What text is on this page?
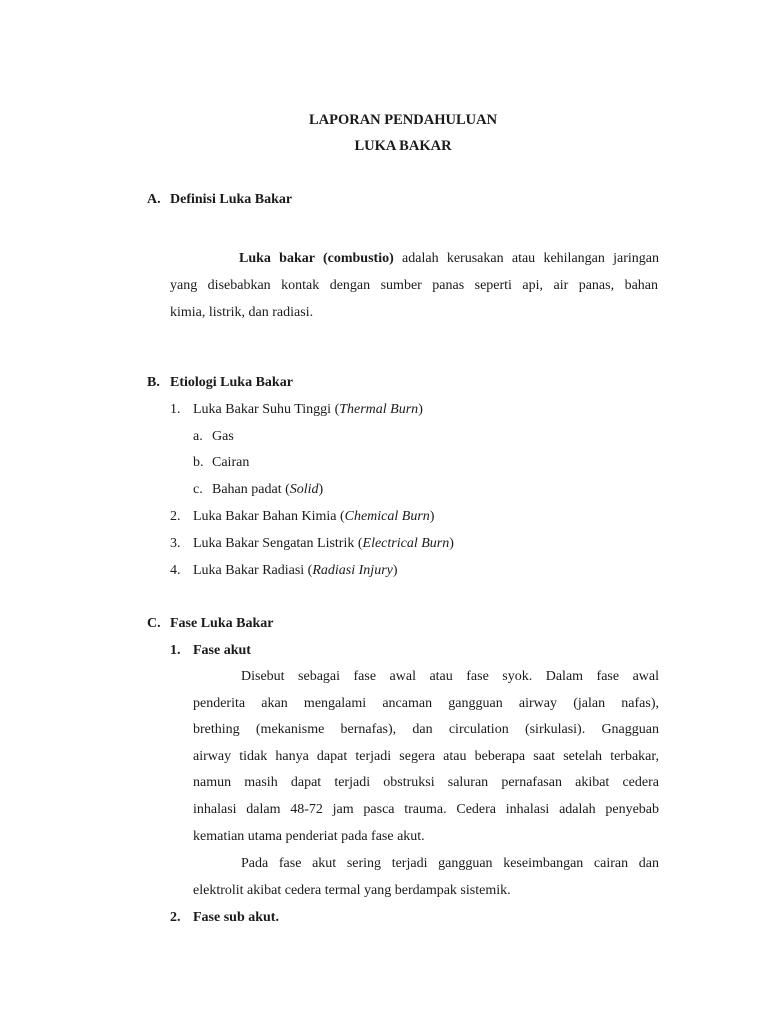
LAPORAN PENDAHULUAN
LUKA BAKAR
A. Definisi Luka Bakar
Luka bakar (combustio) adalah kerusakan atau kehilangan jaringan
yang disebabkan kontak dengan sumber panas seperti api, air panas, bahan
kimia, listrik, dan radiasi.
B. Etiologi Luka Bakar
1. Luka Bakar Suhu Tinggi (Thermal Burn)
a. Gas
b. Cairan
c. Bahan padat (Solid)
2. Luka Bakar Bahan Kimia (Chemical Burn)
3. Luka Bakar Sengatan Listrik (Electrical Burn)
4. Luka Bakar Radiasi (Radiasi Injury)
C. Fase Luka Bakar
1. Fase akut
Disebut sebagai fase awal atau fase syok. Dalam fase awal
penderita akan mengalami ancaman gangguan airway (jalan nafas),
brething (mekanisme bernafas), dan circulation (sirkulasi). Gnagguan
airway tidak hanya dapat terjadi segera atau beberapa saat setelah terbakar,
namun masih dapat terjadi obstruksi saluran pernafasan akibat cedera
inhalasi dalam 48-72 jam pasca trauma. Cedera inhalasi adalah penyebab
kematian utama penderiat pada fase akut.
Pada fase akut sering terjadi gangguan keseimbangan cairan dan
elektrolit akibat cedera termal yang berdampak sistemik.
2. Fase sub akut.
